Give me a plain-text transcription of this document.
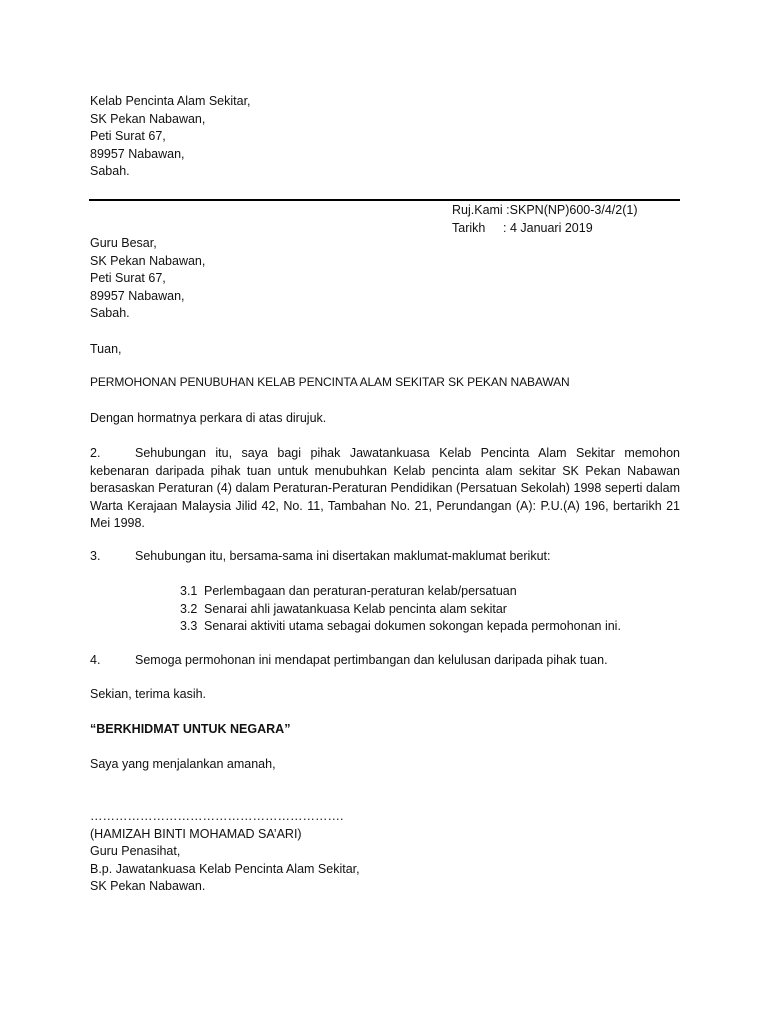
Kelab Pencinta Alam Sekitar,
SK Pekan Nabawan,
Peti Surat 67,
89957 Nabawan,
Sabah.
Ruj.Kami : SKPN(NP)600-3/4/2(1)
Tarikh	: 4 Januari 2019
Guru Besar,
SK Pekan Nabawan,
Peti Surat 67,
89957 Nabawan,
Sabah.
Tuan,
PERMOHONAN PENUBUHAN KELAB PENCINTA ALAM SEKITAR SK PEKAN NABAWAN
Dengan hormatnya perkara di atas dirujuk.
2.	Sehubungan itu, saya bagi pihak Jawatankuasa Kelab Pencinta Alam Sekitar memohon kebenaran daripada pihak tuan untuk menubuhkan Kelab pencinta alam sekitar SK Pekan Nabawan berasaskan Peraturan (4) dalam Peraturan-Peraturan Pendidikan (Persatuan Sekolah) 1998 seperti dalam Warta Kerajaan Malaysia Jilid 42, No. 11, Tambahan No. 21, Perundangan (A): P.U.(A) 196, bertarikh 21 Mei 1998.
3.	Sehubungan itu, bersama-sama ini disertakan maklumat-maklumat berikut:
3.1 Perlembagaan dan peraturan-peraturan kelab/persatuan
3.2 Senarai ahli jawatankuasa Kelab pencinta alam sekitar
3.3 Senarai aktiviti utama sebagai dokumen sokongan kepada permohonan ini.
4.	Semoga permohonan ini mendapat pertimbangan dan kelulusan daripada pihak tuan.
Sekian, terima kasih.
“BERKHIDMAT UNTUK NEGARA”
Saya yang menjalankan amanah,
…………………………………………………….
(HAMIZAH BINTI MOHAMAD SA’ARI)
Guru Penasihat,
B.p. Jawatankuasa Kelab Pencinta Alam Sekitar,
SK Pekan Nabawan.
